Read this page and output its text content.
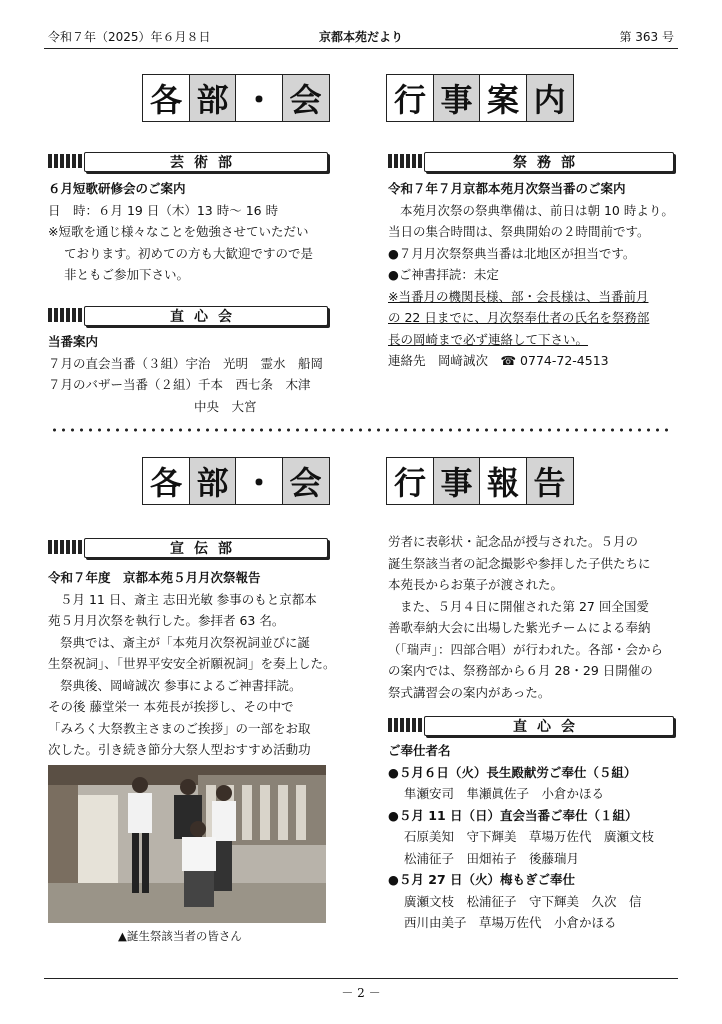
令和７年（2025）年６月８日	京都本苑だより	第 363 号
各 部 ・ 会 行 事 案 内
芸術部

６月短歌研修会のご案内

日　時：６月 19 日（木）13 時～ 16 時

※短歌を通じ様々なことを勉強させていただい

ております。初めての方も大歓迎ですので是

非ともご参加下さい。

直心会

当番案内

７月の直会当番（３組）宇治　光明　霊水　船岡

７月のバザー当番（２組）千本　西七条　木津

中央　大宮

祭務部

令和７年７月京都本苑月次祭当番のご案内

本苑月次祭の祭典準備は、前日は朝 10 時より。

当日の集合時間は、祭典開始の２時間前です。

●７月月次祭祭典当番は北地区が担当です。

●ご神書拝読：未定

※当番月の機関長様、部・会長様は、当番前月

の 22 日までに、月次祭奉仕者の氏名を祭務部

長の岡崎まで必ず連絡して下さい。

連絡先　岡﨑誠次　☎ 0774-72-4513

各 部 ・ 会 行 事 報 告
宣伝部

令和７年度　京都本苑５月月次祭報告

５月 11 日、斎主 志田光敏 参事のもと京都本

苑５月月次祭を執行した。参拝者 63 名。

祭典では、斎主が「本苑月次祭祝詞並びに誕

生祭祝詞」、「世界平安安全祈願祝詞」を奏上した。

祭典後、岡﨑誠次 参事によるご神書拝読。

その後 藤堂栄一 本苑長が挨拶し、その中で

「みろく大祭教主さまのご挨拶」の一部をお取

次した。引き続き節分大祭人型おすすめ活動功

▲誕生祭該当者の皆さん

労者に表彰状・記念品が授与された。５月の

誕生祭該当者の記念撮影や参拝した子供たちに

本苑長からお菓子が渡された。

また、５月４日に開催された第 27 回全国愛

善歌奉納大会に出場した紫光チームによる奉納

（「瑞声」：四部合唱）が行われた。各部・会から

の案内では、祭務部から６月 28・29 日開催の

祭式講習会の案内があった。

直心会

ご奉仕者名

●５月６日（火）長生殿献労ご奉仕（５組）

隼瀬安司　隼瀬眞佐子　小倉かほる

●５月 11 日（日）直会当番ご奉仕（１組）

石原美知　守下輝美　草場万佐代　廣瀬文枝

松浦征子　田畑祐子　後藤瑞月

●５月 27 日（火）梅もぎご奉仕

廣瀬文枝　松浦征子　守下輝美　久次　信

西川由美子　草場万佐代　小倉かほる

－ 2 －
